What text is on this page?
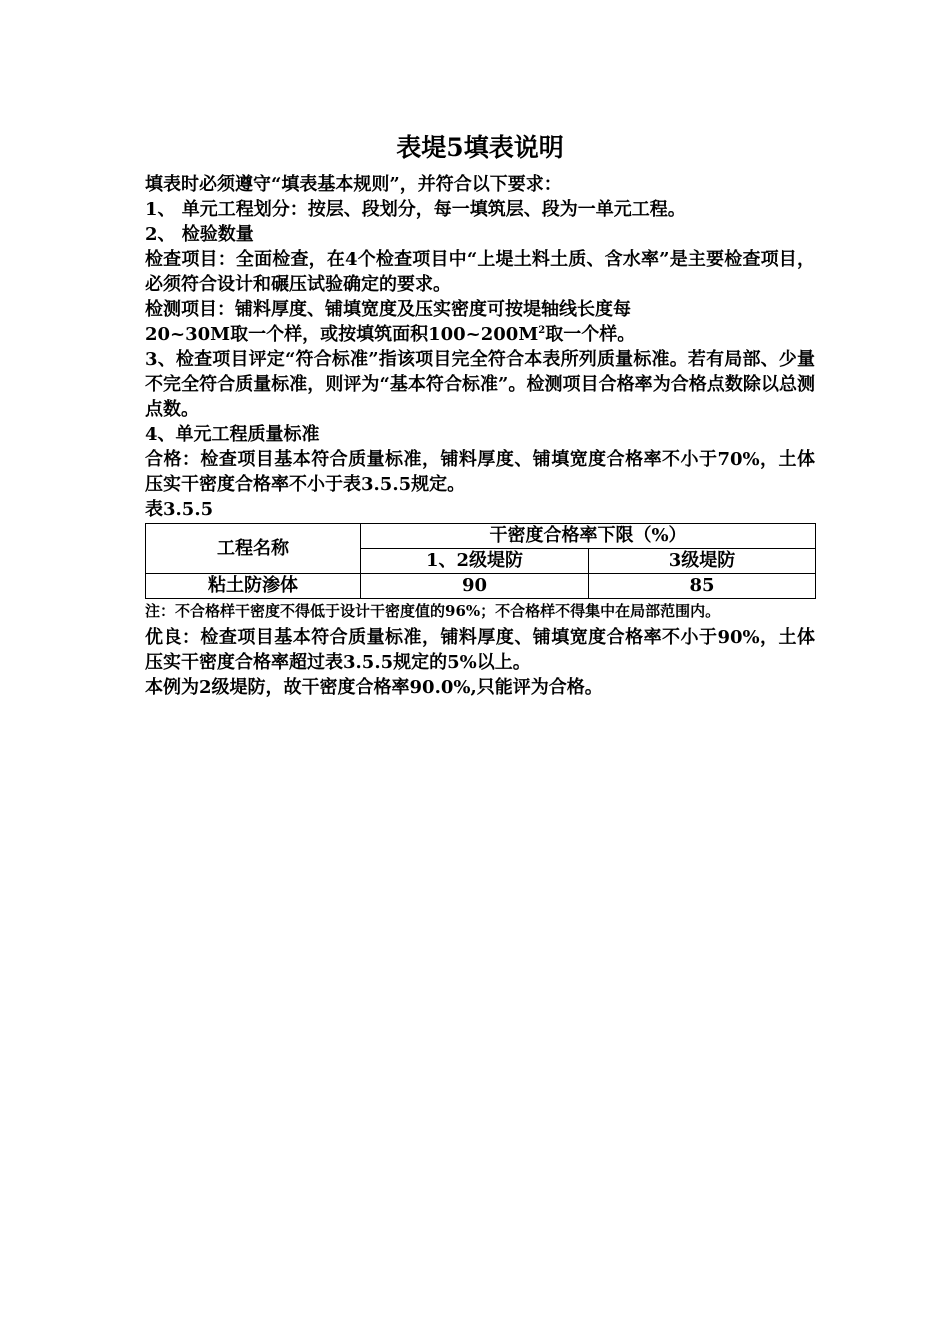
表堤5填表说明

填表时必须遵守“填表基本规则”，并符合以下要求：

1、 单元工程划分：按层、段划分，每一填筑层、段为一单元工程。

2、 检验数量

检查项目：全面检查，在4个检查项目中“上堤土料土质、含水率”是主要检查项目，必须符合设计和碾压试验确定的要求。

检测项目：铺料厚度、铺填宽度及压实密度可按堤轴线长度每

20~30M取一个样，或按填筑面积$100\sim 200M^2$取一个样。

3、检查项目评定“符合标准”指该项目完全符合本表所列质量标准。若有局部、少量不完全符合质量标准，则评为“基本符合标准”。检测项目合格率为合格点数除以总测点数。

4、单元工程质量标准

合格：检查项目基本符合质量标准，铺料厚度、铺填宽度合格率不小于70%，土体压实干密度合格率不小于表3.5.5规定。

表3.5.5

工程名称	干密度合格率下限（%）	
	1、2级堤防	3级堤防
粘土防渗体	90	85

注：不合格样干密度不得低于设计干密度值的96%；不合格样不得集中在局部范围内。

优良：检查项目基本符合质量标准，铺料厚度、铺填宽度合格率不小于90%，土体压实干密度合格率超过表3.5.5规定的5%以上。

本例为2级堤防，故干密度合格率90.0%,只能评为合格。
